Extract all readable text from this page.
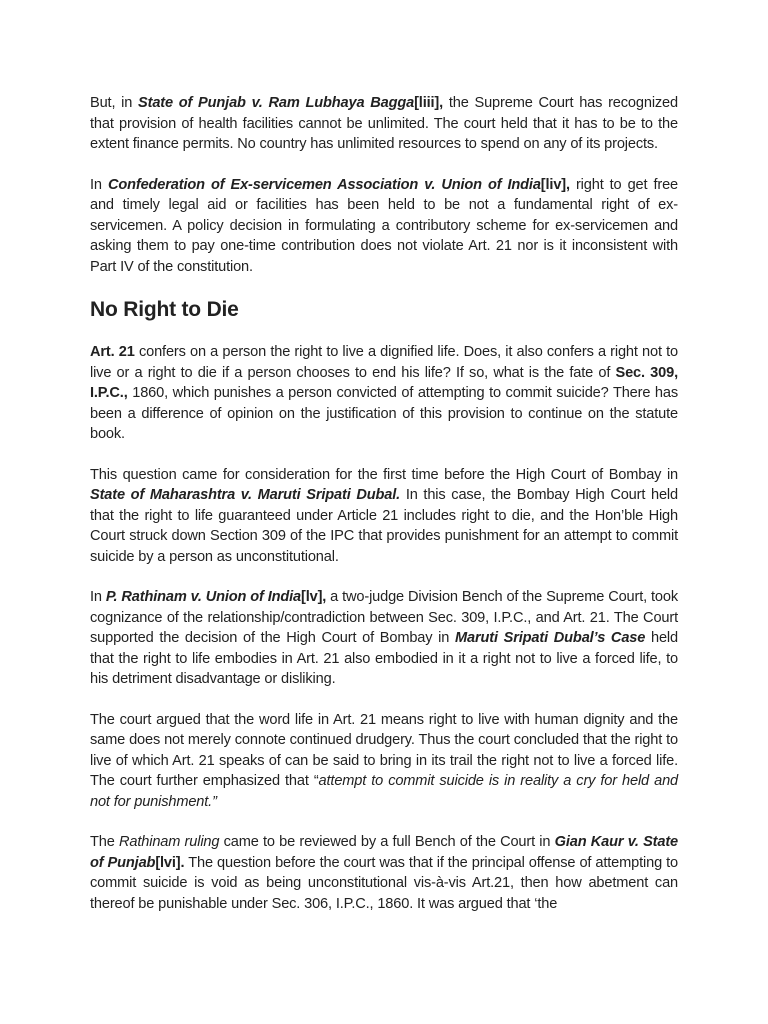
But, in State of Punjab v. Ram Lubhaya Bagga[liii], the Supreme Court has recognized that provision of health facilities cannot be unlimited. The court held that it has to be to the extent finance permits. No country has unlimited resources to spend on any of its projects.

In Confederation of Ex-servicemen Association v. Union of India[liv], right to get free and timely legal aid or facilities has been held to be not a fundamental right of ex-servicemen. A policy decision in formulating a contributory scheme for ex-servicemen and asking them to pay one-time contribution does not violate Art. 21 nor is it inconsistent with Part IV of the constitution.

No Right to Die

Art. 21 confers on a person the right to live a dignified life. Does, it also confers a right not to live or a right to die if a person chooses to end his life? If so, what is the fate of Sec. 309, I.P.C., 1860, which punishes a person convicted of attempting to commit suicide? There has been a difference of opinion on the justification of this provision to continue on the statute book.

This question came for consideration for the first time before the High Court of Bombay in State of Maharashtra v. Maruti Sripati Dubal. In this case, the Bombay High Court held that the right to life guaranteed under Article 21 includes right to die, and the Hon’ble High Court struck down Section 309 of the IPC that provides punishment for an attempt to commit suicide by a person as unconstitutional.

In P. Rathinam v. Union of India[lv], a two-judge Division Bench of the Supreme Court, took cognizance of the relationship/contradiction between Sec. 309, I.P.C., and Art. 21. The Court supported the decision of the High Court of Bombay in Maruti Sripati Dubal’s Case held that the right to life embodies in Art. 21 also embodied in it a right not to live a forced life, to his detriment disadvantage or disliking.

The court argued that the word life in Art. 21 means right to live with human dignity and the same does not merely connote continued drudgery. Thus the court concluded that the right to live of which Art. 21 speaks of can be said to bring in its trail the right not to live a forced life. The court further emphasized that “attempt to commit suicide is in reality a cry for held and not for punishment.”

The Rathinam ruling came to be reviewed by a full Bench of the Court in Gian Kaur v. State of Punjab[lvi]. The question before the court was that if the principal offense of attempting to commit suicide is void as being unconstitutional vis-à-vis Art.21, then how abetment can thereof be punishable under Sec. 306, I.P.C., 1860. It was argued that ‘the
